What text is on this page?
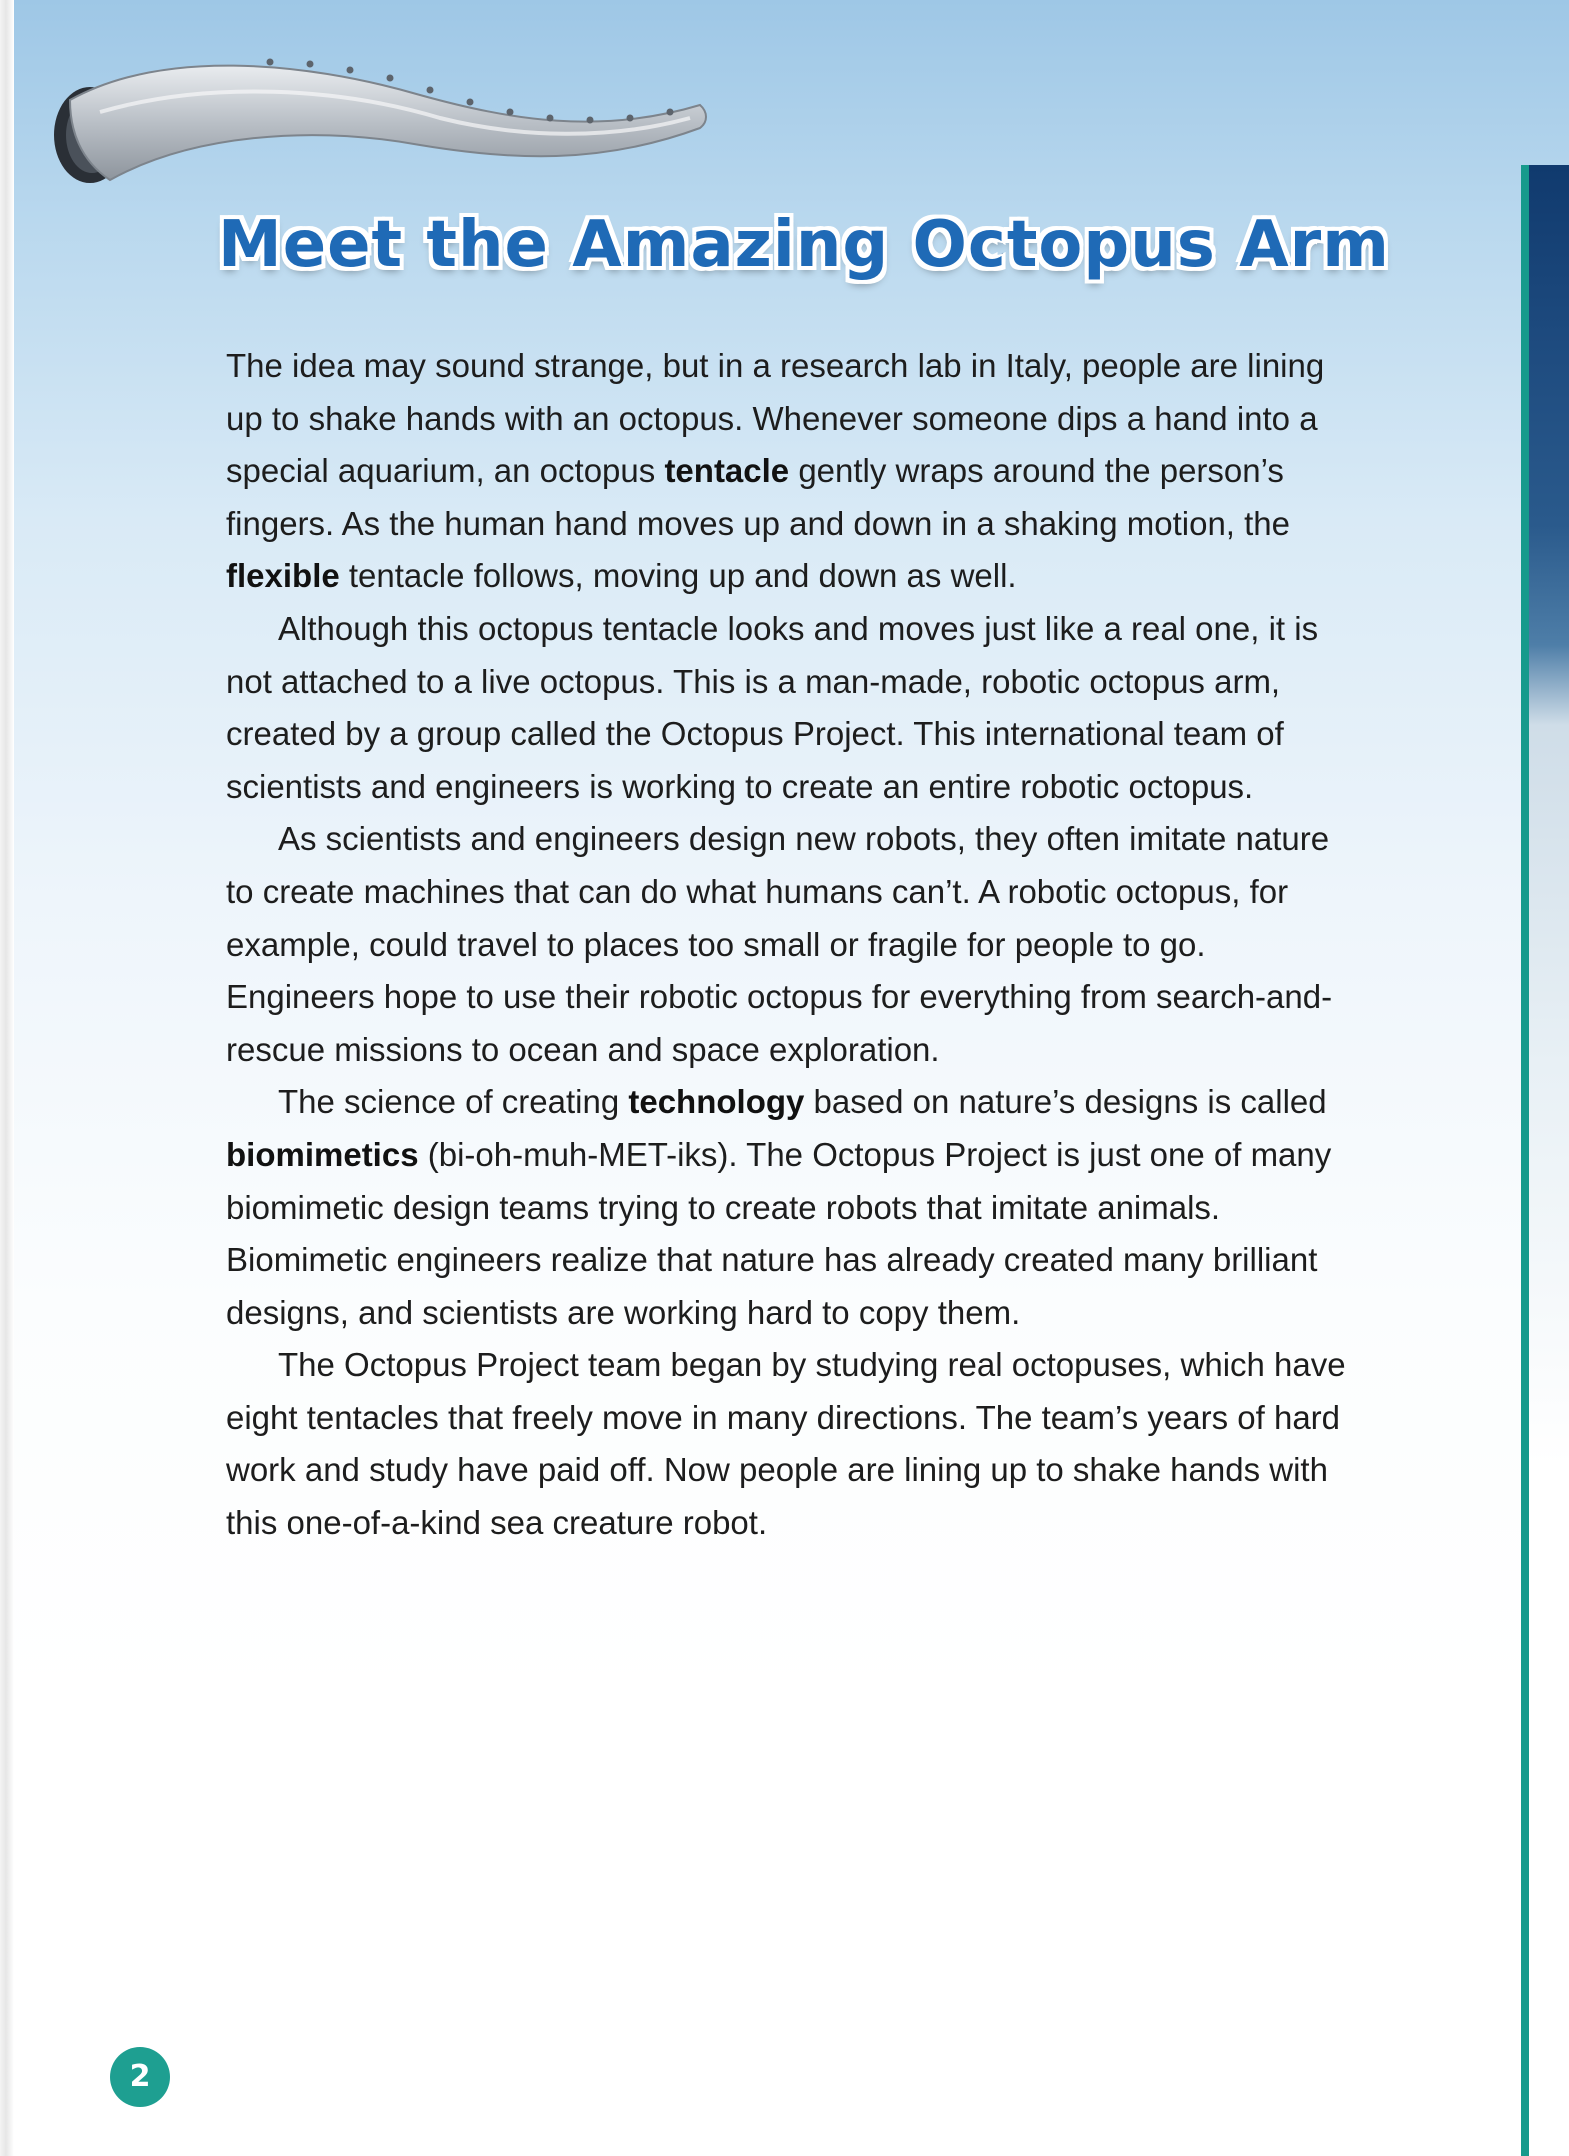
Meet the Amazing Octopus Arm

The idea may sound strange, but in a research lab in Italy, people are lining up to shake hands with an octopus. Whenever someone dips a hand into a special aquarium, an octopus tentacle gently wraps around the person’s fingers. As the human hand moves up and down in a shaking motion, the flexible tentacle follows, moving up and down as well.

Although this octopus tentacle looks and moves just like a real one, it is not attached to a live octopus. This is a man-made, robotic octopus arm, created by a group called the Octopus Project. This international team of scientists and engineers is working to create an entire robotic octopus.

As scientists and engineers design new robots, they often imitate nature to create machines that can do what humans can’t. A robotic octopus, for example, could travel to places too small or fragile for people to go. Engineers hope to use their robotic octopus for everything from search-and-rescue missions to ocean and space exploration.

The science of creating technology based on nature’s designs is called biomimetics (bi-oh-muh-MET-iks). The Octopus Project is just one of many biomimetic design teams trying to create robots that imitate animals. Biomimetic engineers realize that nature has already created many brilliant designs, and scientists are working hard to copy them.

The Octopus Project team began by studying real octopuses, which have eight tentacles that freely move in many directions. The team’s years of hard work and study have paid off. Now people are lining up to shake hands with this one-of-a-kind sea creature robot.

2
